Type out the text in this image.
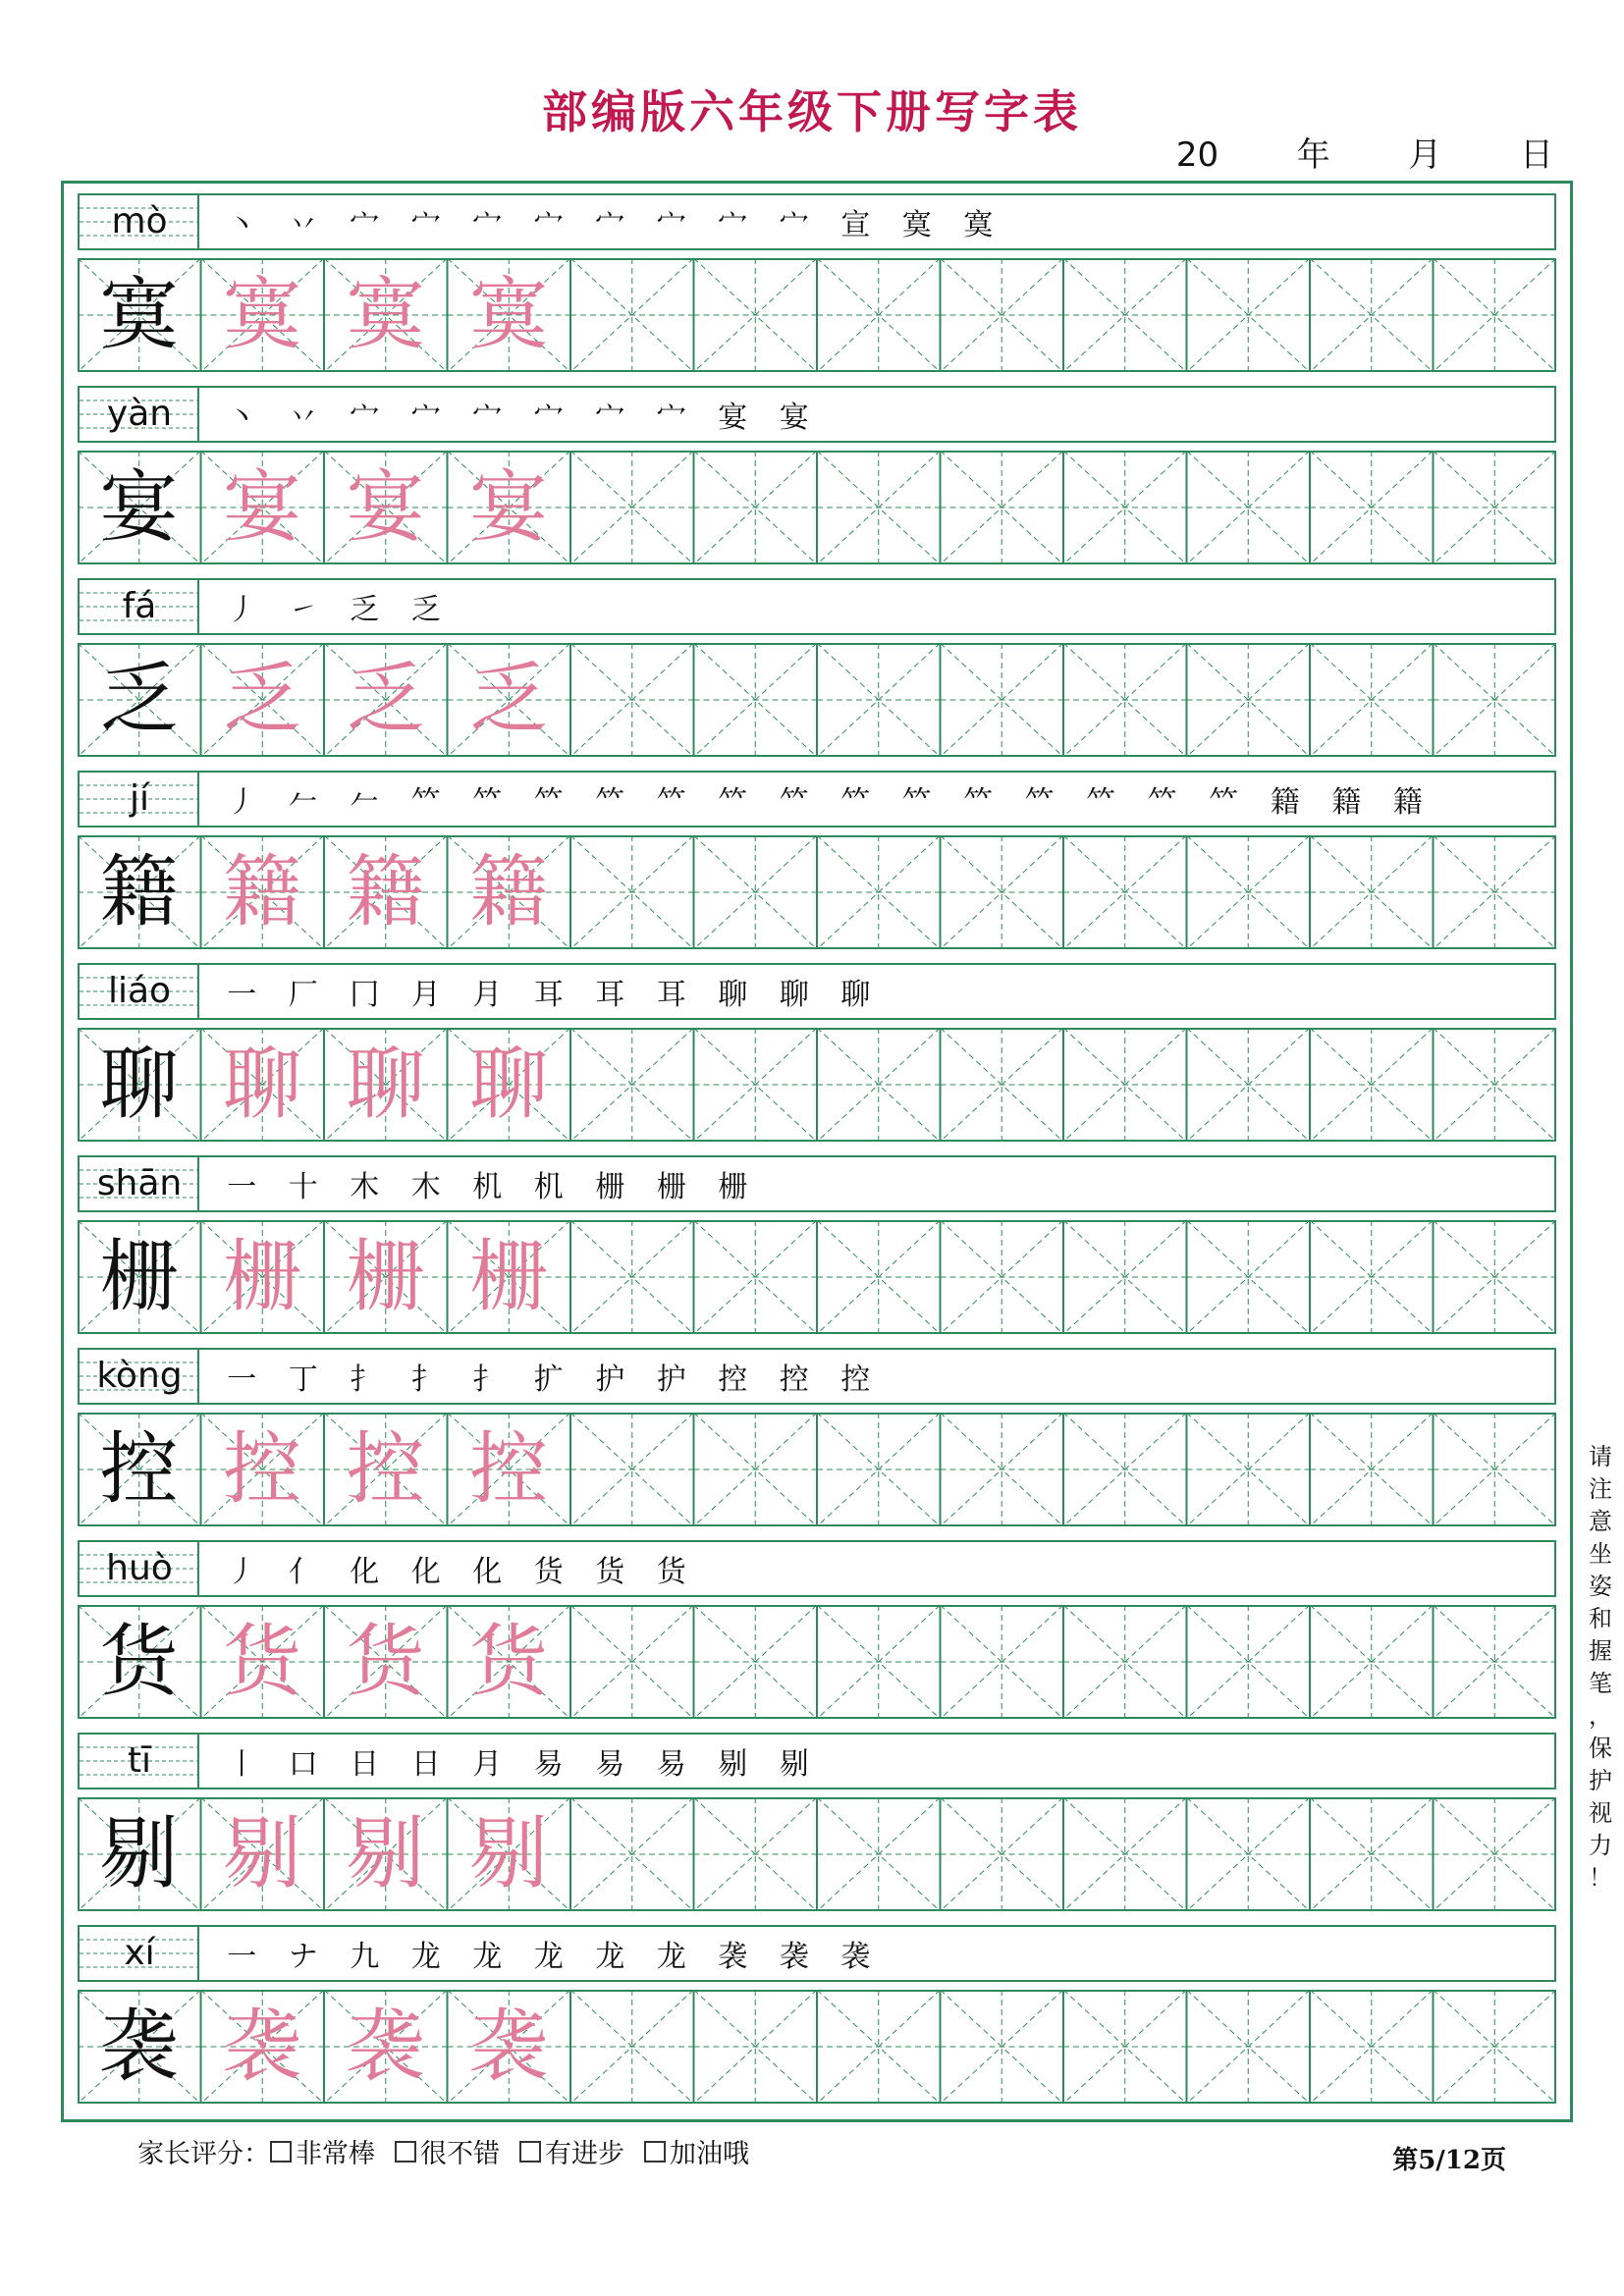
部编版六年级下册写字表
20 年 月 日
mò	丶	丷	宀	宀	宀	宀	宀	宀	宀	宀	宣	寞	寞
寞 寞 寞 寞
yàn	丶	丷	宀	宀	宀	宀	宀	宀	宴	宴
宴 宴 宴 宴
fá	丿	㇀	乏	乏
乏 乏 乏 乏
jí	丿	𠂉	𠂉	𥫗	𥫗	𥫗	𥫗	𥫗	𥫗	𥫗	𥫗	𥫗	𥫗	𥫗	𥫗	𥫗	𥫗	籍	籍	籍
籍 籍 籍 籍
liáo	一	厂	冂	月	月	耳	耳	耳	聊	聊	聊
聊 聊 聊 聊
shān	一	十	木	木	机	机	栅	栅	栅
栅 栅 栅 栅
kòng	一	丁	扌	扌	扌	扩	护	护	控	控	控
控 控 控 控
huò	丿	亻	化	化	化	货	货	货
货 货 货 货
tī	丨	口	日	日	月	易	易	易	剔	剔
剔 剔 剔 剔
xí	一	ナ	九	龙	龙	龙	龙	龙	袭	袭	袭
袭 袭 袭 袭
请
注
意
坐
姿
和
握
笔
，
保
护
视
力
！
家长评分： 非常棒 很不错 有进步 加油哦	第5/12页
